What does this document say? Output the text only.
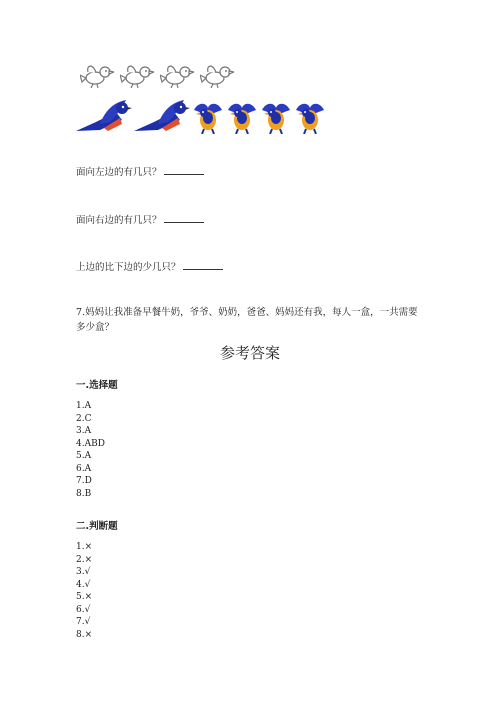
面向左边的有几只？
面向右边的有几只？
上边的比下边的少几只？
7.妈妈让我准备早餐牛奶，爷爷、奶奶，爸爸、妈妈还有我，每人一盒，一共需要多少盒？
参考答案
一.选择题
1.A
2.C
3.A
4.ABD
5.A
6.A
7.D
8.B
二.判断题
1.×
2.×
3.√
4.√
5.×
6.√
7.√
8.×
